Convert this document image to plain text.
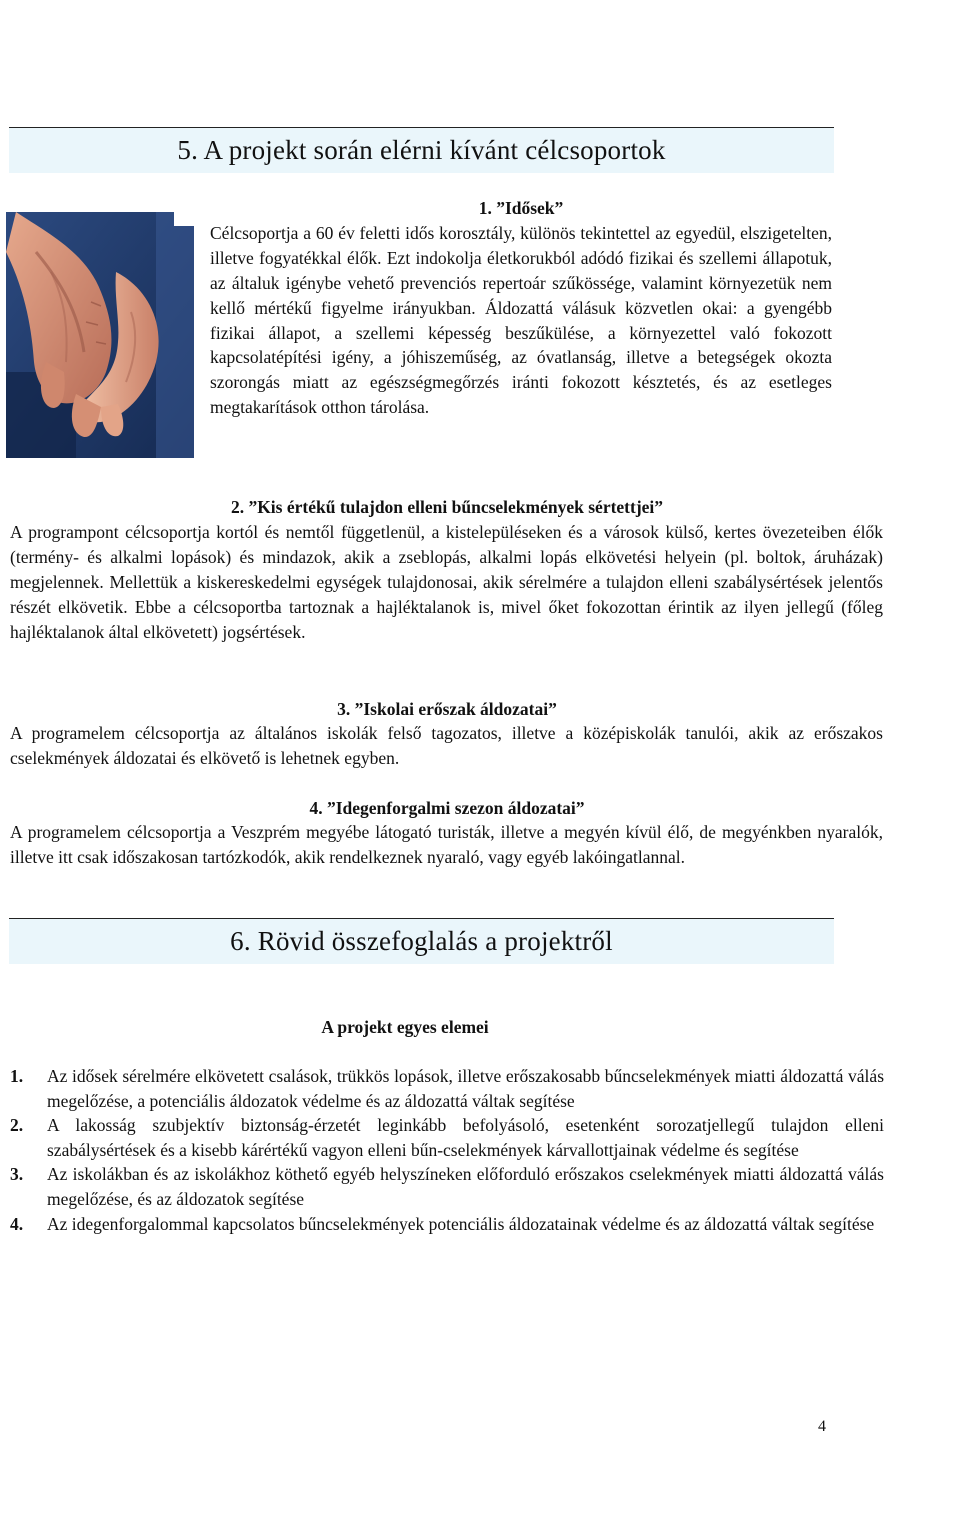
5. A projekt során elérni kívánt célcsoportok

1. ”Idősek”

Célcsoportja a 60 év feletti idős korosztály, különös tekintettel az egyedül, elszigetelten, illetve fogyatékkal élők. Ezt indokolja életkorukból adódó fizikai és szellemi állapotuk, az általuk igénybe vehető prevenciós repertoár szűkössége, valamint környezetük nem kellő mértékű figyelme irányukban. Áldozattá válásuk közvetlen okai: a gyengébb fizikai állapot, a szellemi képesség beszűkülése, a környezettel való fokozott kapcsolatépítési igény, a jóhiszeműség, az óvatlanság, illetve a betegségek okozta szorongás miatt az egészségmegőrzés iránti fokozott késztetés, és az esetleges megtakarítások otthon tárolása.

2. ”Kis értékű tulajdon elleni bűncselekmények sértettjei”

A programpont célcsoportja kortól és nemtől függetlenül, a kistelepüléseken és a városok külső, kertes övezeteiben élők (termény- és alkalmi lopások) és mindazok, akik a zseblopás, alkalmi lopás elkövetési helyein (pl. boltok, áruházak) megjelennek. Mellettük a kiskereskedelmi egységek tulajdonosai, akik sérelmére a tulajdon elleni szabálysértések jelentős részét elkövetik. Ebbe a célcsoportba tartoznak a hajléktalanok is, mivel őket fokozottan érintik az ilyen jellegű (főleg hajléktalanok által elkövetett) jogsértések.

3. ”Iskolai erőszak áldozatai”

A programelem célcsoportja az általános iskolák felső tagozatos, illetve a középiskolák tanulói, akik az erőszakos cselekmények áldozatai és elkövető is lehetnek egyben.

4. ”Idegenforgalmi szezon áldozatai”

A programelem célcsoportja a Veszprém megyébe látogató turisták, illetve a megyén kívül élő, de megyénkben nyaralók, illetve itt csak időszakosan tartózkodók, akik rendelkeznek nyaraló, vagy egyéb lakóingatlannal.

6. Rövid összefoglalás a projektről

A projekt egyes elemei

1. Az idősek sérelmére elkövetett csalások, trükkös lopások, illetve erőszakosabb bűncselekmények miatti áldozattá válás megelőzése, a potenciális áldozatok védelme és az áldozattá váltak segítése
2. A lakosság szubjektív biztonság-érzetét leginkább befolyásoló, esetenként sorozatjellegű tulajdon elleni szabálysértések és a kisebb kárértékű vagyon elleni bűn-cselekmények kárvallottjainak védelme és segítése
3. Az iskolákban és az iskolákhoz köthető egyéb helyszíneken előforduló erőszakos cselekmények miatti áldozattá válás megelőzése, és az áldozatok segítése
4. Az idegenforgalommal kapcsolatos bűncselekmények potenciális áldozatainak védelme és az áldozattá váltak segítése
4
